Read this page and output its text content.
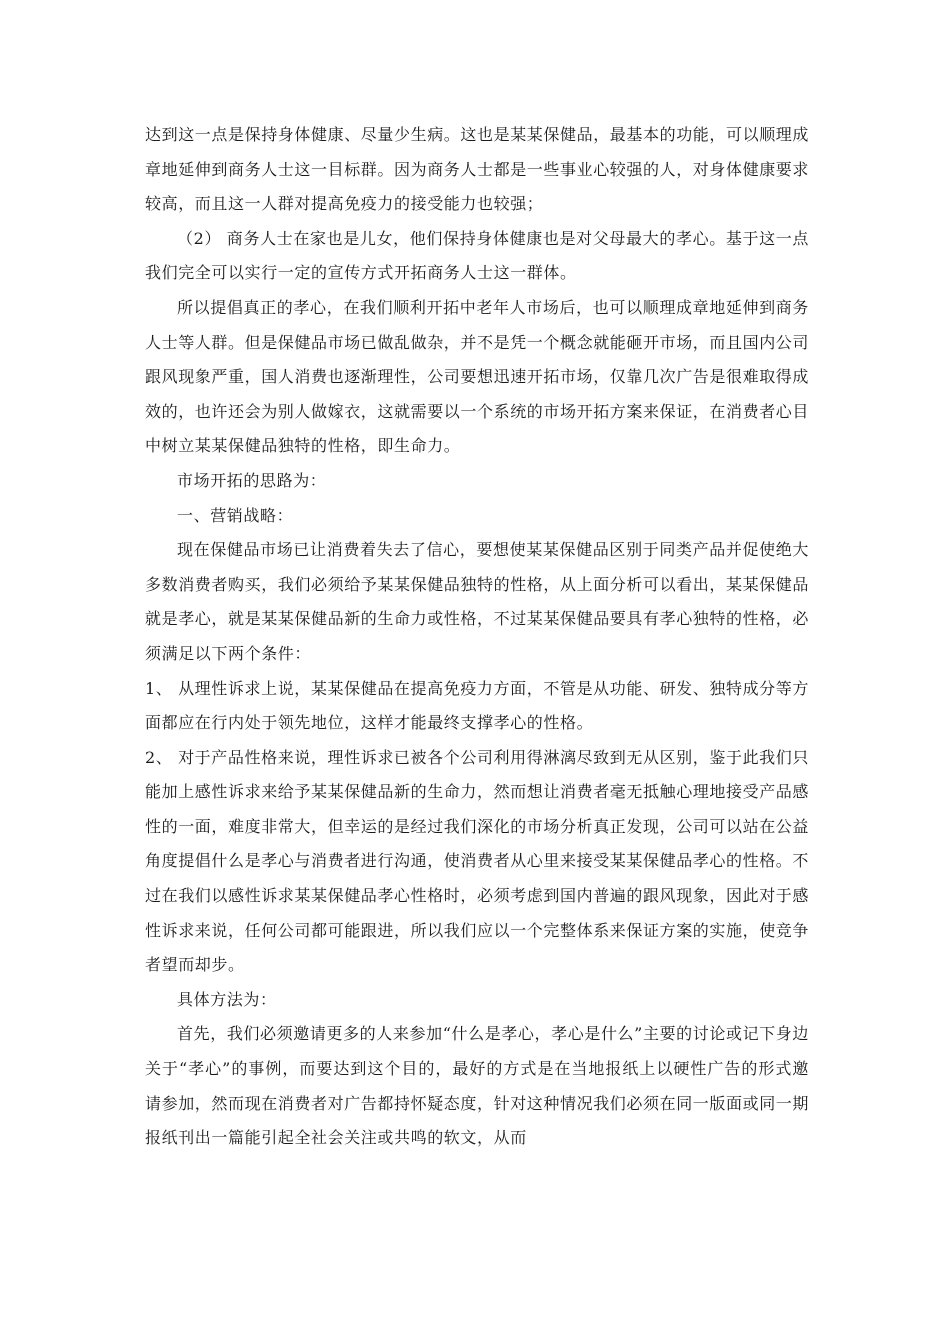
达到这一点是保持身体健康、尽量少生病。这也是某某保健品，最基本的功能，可以顺理成章地延伸到商务人士这一目标群。因为商务人士都是一些事业心较强的人，对身体健康要求较高，而且这一人群对提高免疫力的接受能力也较强；

（2） 商务人士在家也是儿女，他们保持身体健康也是对父母最大的孝心。基于这一点我们完全可以实行一定的宣传方式开拓商务人士这一群体。

所以提倡真正的孝心，在我们顺利开拓中老年人市场后，也可以顺理成章地延伸到商务人士等人群。但是保健品市场已做乱做杂，并不是凭一个概念就能砸开市场，而且国内公司跟风现象严重，国人消费也逐渐理性，公司要想迅速开拓市场，仅靠几次广告是很难取得成效的，也许还会为别人做嫁衣，这就需要以一个系统的市场开拓方案来保证，在消费者心目中树立某某保健品独特的性格，即生命力。

市场开拓的思路为：

一、营销战略：

现在保健品市场已让消费着失去了信心，要想使某某保健品区别于同类产品并促使绝大多数消费者购买，我们必须给予某某保健品独特的性格，从上面分析可以看出，某某保健品就是孝心，就是某某保健品新的生命力或性格，不过某某保健品要具有孝心独特的性格，必须满足以下两个条件：

1、 从理性诉求上说，某某保健品在提高免疫力方面，不管是从功能、研发、独特成分等方面都应在行内处于领先地位，这样才能最终支撑孝心的性格。

2、 对于产品性格来说，理性诉求已被各个公司利用得淋漓尽致到无从区别，鉴于此我们只能加上感性诉求来给予某某保健品新的生命力，然而想让消费者毫无抵触心理地接受产品感性的一面，难度非常大，但幸运的是经过我们深化的市场分析真正发现，公司可以站在公益角度提倡什么是孝心与消费者进行沟通，使消费者从心里来接受某某保健品孝心的性格。不过在我们以感性诉求某某保健品孝心性格时，必须考虑到国内普遍的跟风现象，因此对于感性诉求来说，任何公司都可能跟进，所以我们应以一个完整体系来保证方案的实施，使竞争者望而却步。

具体方法为：

首先，我们必须邀请更多的人来参加“什么是孝心，孝心是什么”主要的讨论或记下身边关于“孝心”的事例，而要达到这个目的，最好的方式是在当地报纸上以硬性广告的形式邀请参加，然而现在消费者对广告都持怀疑态度，针对这种情况我们必须在同一版面或同一期报纸刊出一篇能引起全社会关注或共鸣的软文，从而
